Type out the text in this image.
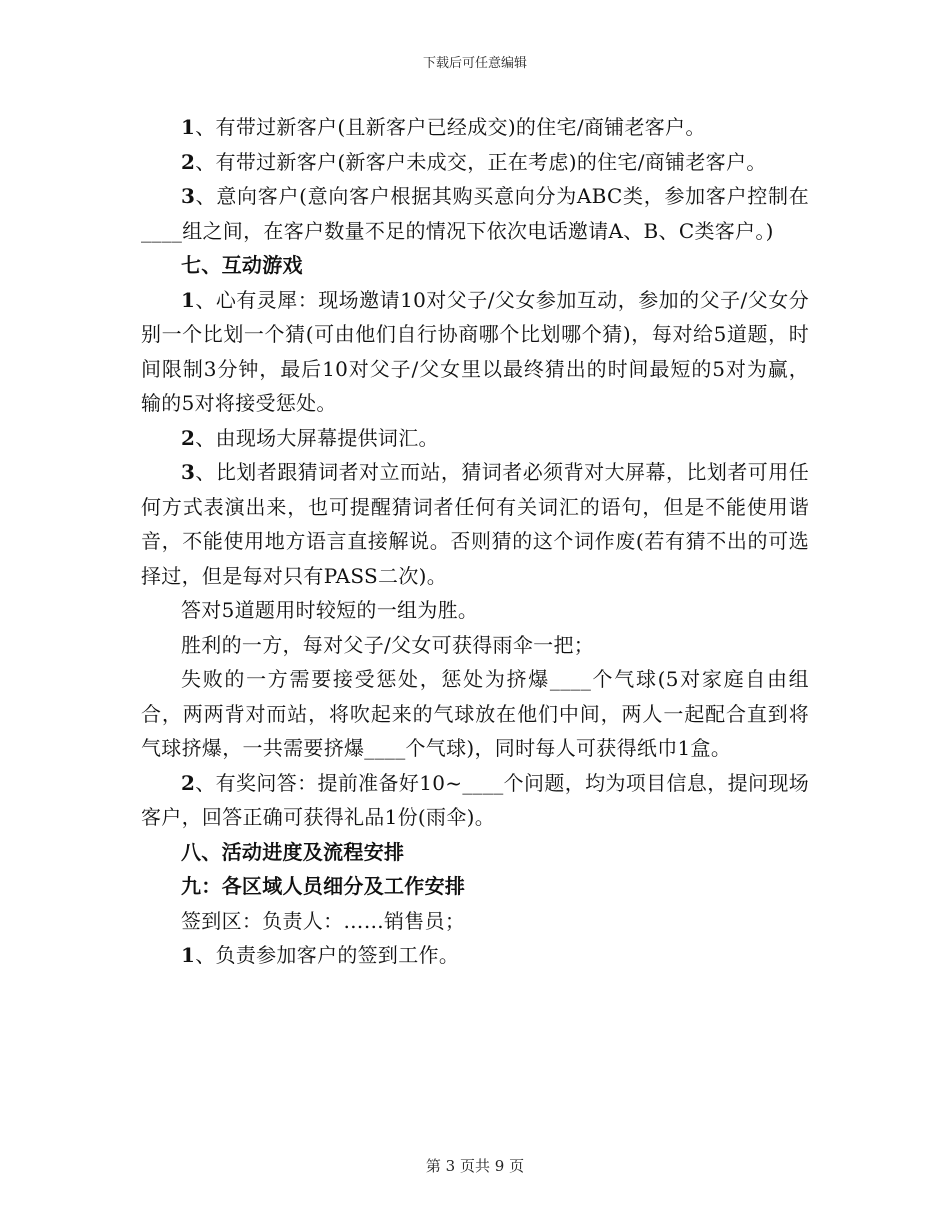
下载后可任意编辑

1、有带过新客户(且新客户已经成交)的住宅/商铺老客户。

2、有带过新客户(新客户未成交，正在考虑)的住宅/商铺老客户。

3、意向客户(意向客户根据其购买意向分为ABC类，参加客户控制在____组之间，在客户数量不足的情况下依次电话邀请A、B、C类客户。)

七、互动游戏

1、心有灵犀：现场邀请10对父子/父女参加互动，参加的父子/父女分别一个比划一个猜(可由他们自行协商哪个比划哪个猜)，每对给5道题，时间限制3分钟，最后10对父子/父女里以最终猜出的时间最短的5对为赢，输的5对将接受惩处。

2、由现场大屏幕提供词汇。

3、比划者跟猜词者对立而站，猜词者必须背对大屏幕，比划者可用任何方式表演出来，也可提醒猜词者任何有关词汇的语句，但是不能使用谐音，不能使用地方语言直接解说。否则猜的这个词作废(若有猜不出的可选择过，但是每对只有PASS二次)。

答对5道题用时较短的一组为胜。

胜利的一方，每对父子/父女可获得雨伞一把；

失败的一方需要接受惩处，惩处为挤爆____个气球(5对家庭自由组合，两两背对而站，将吹起来的气球放在他们中间，两人一起配合直到将气球挤爆，一共需要挤爆____个气球)，同时每人可获得纸巾1盒。

2、有奖问答：提前准备好10~____个问题，均为项目信息，提问现场客户，回答正确可获得礼品1份(雨伞)。

八、活动进度及流程安排

九：各区域人员细分及工作安排

签到区：负责人：……销售员；

1、负责参加客户的签到工作。

第 3 页共 9 页
